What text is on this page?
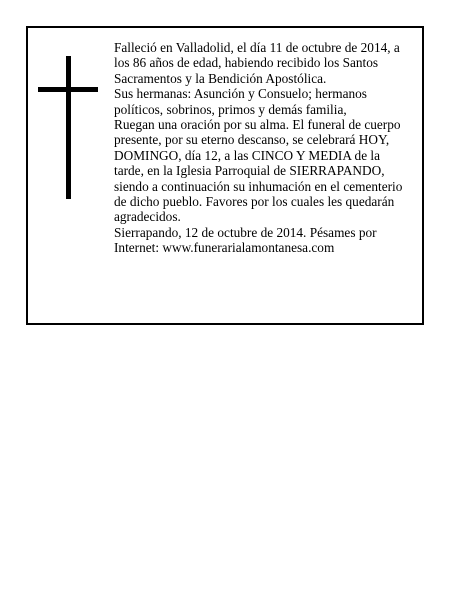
Falleció en Valladolid, el día 11 de octubre de 2014, a
los 86 años de edad, habiendo recibido los Santos
Sacramentos y la Bendición Apostólica.
Sus hermanas: Asunción y Consuelo; hermanos
políticos, sobrinos, primos y demás familia,
Ruegan una oración por su alma. El funeral de cuerpo
presente, por su eterno descanso, se celebrará HOY,
DOMINGO, día 12, a las CINCO Y MEDIA de la
tarde, en la Iglesia Parroquial de SIERRAPANDO,
siendo a continuación su inhumación en el cementerio
de dicho pueblo. Favores por los cuales les quedarán
agradecidos.
Sierrapando, 12 de octubre de 2014. Pésames por
Internet: www.funerarialamontanesa.com
